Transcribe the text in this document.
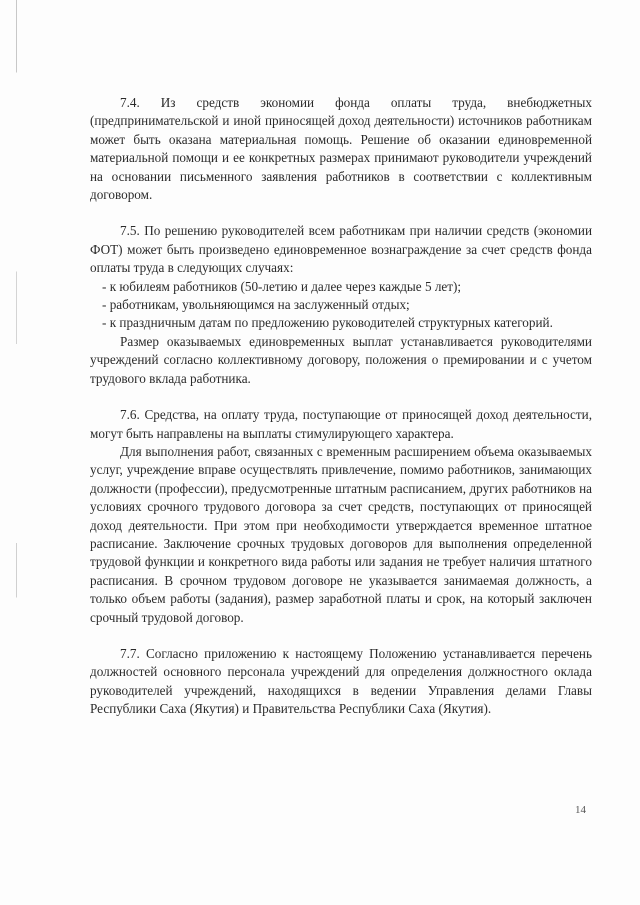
7.4. Из средств экономии фонда оплаты труда, внебюджетных (предпринимательской и иной приносящей доход деятельности) источников работникам может быть оказана материальная помощь. Решение об оказании единовременной материальной помощи и ее конкретных размерах принимают руководители учреждений на основании письменного заявления работников в соответствии с коллективным договором.

7.5. По решению руководителей всем работникам при наличии средств (экономии ФОТ) может быть произведено единовременное вознаграждение за счет средств фонда оплаты труда в следующих случаях:

- к юбилеям работников (50-летию и далее через каждые 5 лет);
- работникам, увольняющимся на заслуженный отдых;
- к праздничным датам по предложению руководителей структурных категорий.

Размер оказываемых единовременных выплат устанавливается руководителями учреждений согласно коллективному договору, положения о премировании и с учетом трудового вклада работника.

7.6. Средства, на оплату труда, поступающие от приносящей доход деятельности, могут быть направлены на выплаты стимулирующего характера.

Для выполнения работ, связанных с временным расширением объема оказываемых услуг, учреждение вправе осуществлять привлечение, помимо работников, занимающих должности (профессии), предусмотренные штатным расписанием, других работников на условиях срочного трудового договора за счет средств, поступающих от приносящей доход деятельности. При этом при необходимости утверждается временное штатное расписание. Заключение срочных трудовых договоров для выполнения определенной трудовой функции и конкретного вида работы или задания не требует наличия штатного расписания. В срочном трудовом договоре не указывается занимаемая должность, а только объем работы (задания), размер заработной платы и срок, на который заключен срочный трудовой договор.

7.7. Согласно приложению к настоящему Положению устанавливается перечень должностей основного персонала учреждений для определения должностного оклада руководителей учреждений, находящихся в ведении Управления делами Главы Республики Саха (Якутия) и Правительства Республики Саха (Якутия).

14
